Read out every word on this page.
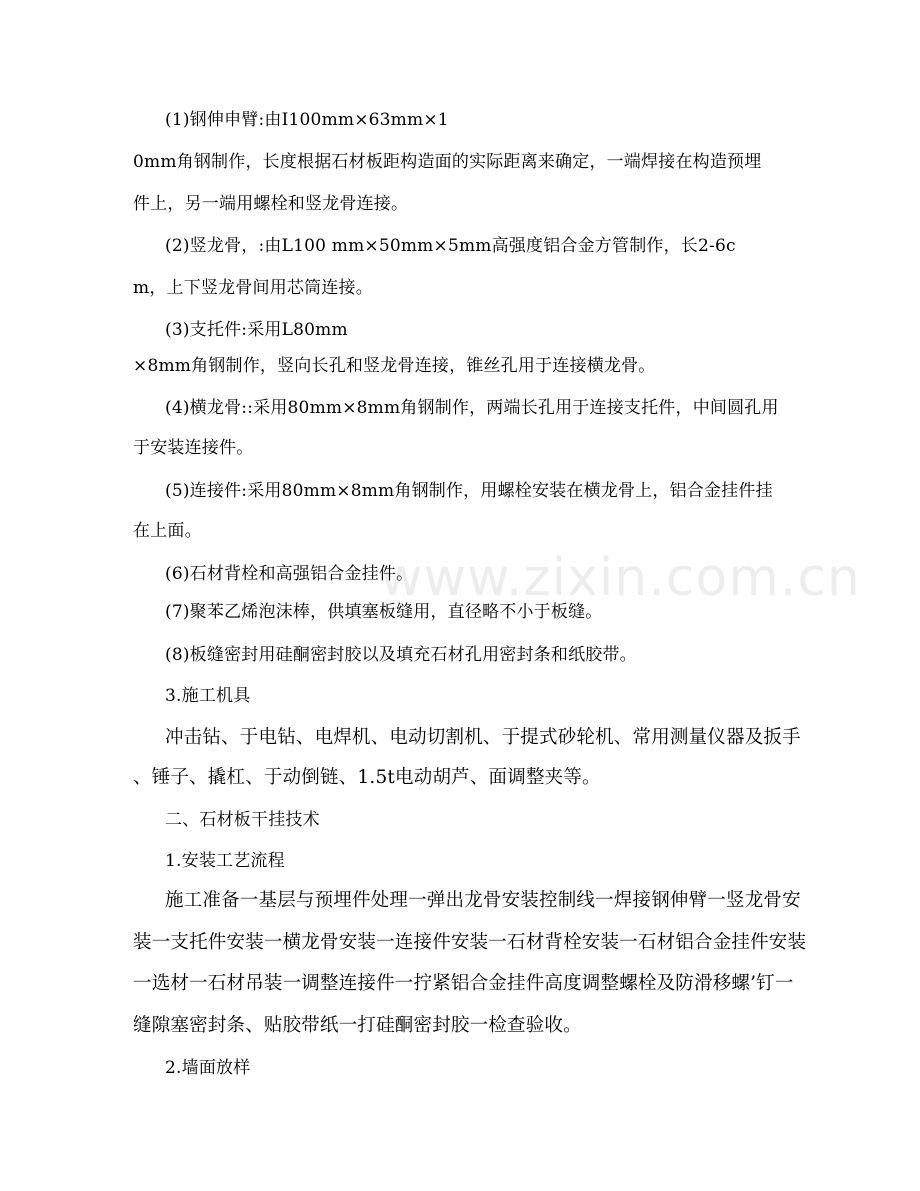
www.zixin.com.cn
(1)钢伸申臂:由I100mm×63mm×1
0mm角钢制作，长度根据石材板距构造面的实际距离来确定，一端焊接在构造预埋
件上，另一端用螺栓和竖龙骨连接。
(2)竖龙骨，:由L100 mm×50mm×5mm高强度铝合金方管制作，长2-6c
m，上下竖龙骨间用芯筒连接。
(3)支托件:采用L80mm
×8mm角钢制作，竖向长孔和竖龙骨连接，锥丝孔用于连接横龙骨。
(4)横龙骨::采用80mm×8mm角钢制作，两端长孔用于连接支托件，中间圆孔用
于安装连接件。
(5)连接件:采用80mm×8mm角钢制作，用螺栓安装在横龙骨上，铝合金挂件挂
在上面。
(6)石材背栓和高强铝合金挂件。
(7)聚苯乙烯泡沫棒，供填塞板缝用，直径略不小于板缝。
(8)板缝密封用硅酮密封胶以及填充石材孔用密封条和纸胶带。
3.施工机具
冲击钻、于电钻、电焊机、电动切割机、于提式砂轮机、常用测量仪器及扳手
、锤子、撬杠、于动倒链、1.5t电动胡芦、面调整夹等。
二、石材板干挂技术
1.安装工艺流程
施工准备一基层与预埋件处理一弹出龙骨安装控制线一焊接钢伸臂一竖龙骨安
装一支托件安装一横龙骨安装一连接件安装一石材背栓安装一石材铝合金挂件安装
一选材一石材吊装一调整连接件一拧紧铝合金挂件高度调整螺栓及防滑移螺’钉一
缝隙塞密封条、贴胶带纸一打硅酮密封胶一检查验收。
2.墙面放样
